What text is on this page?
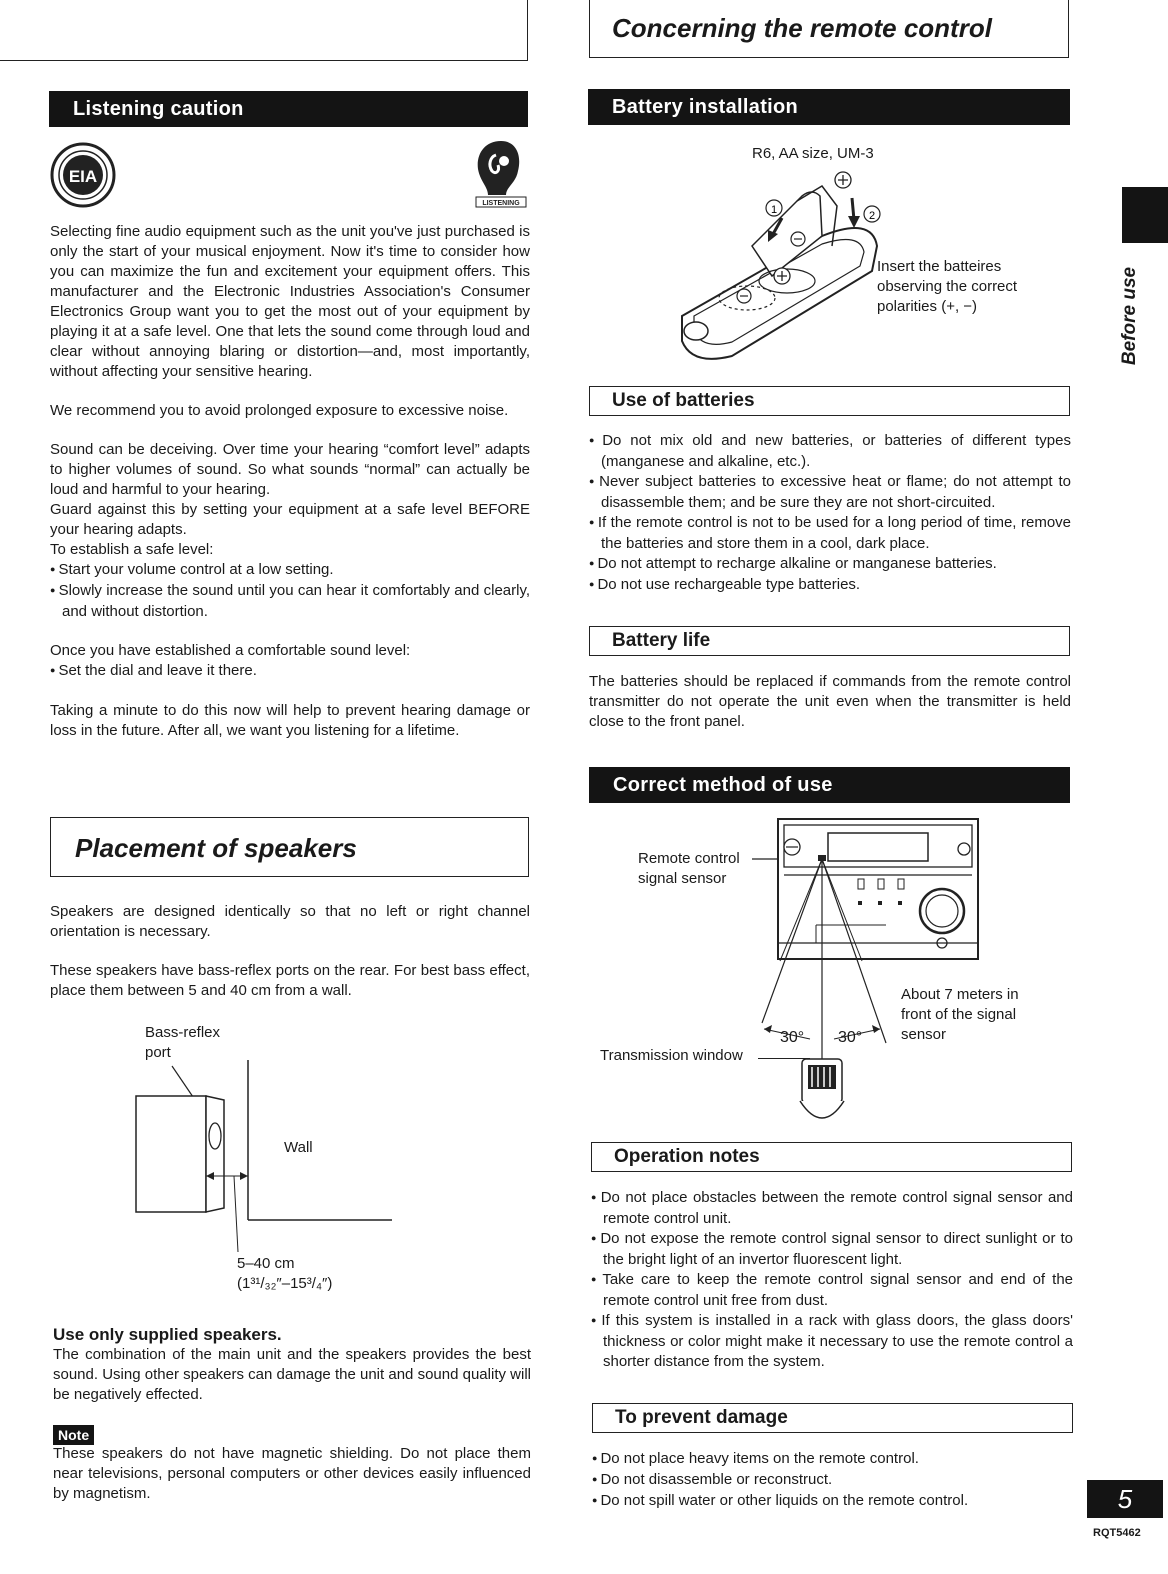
Concerning the remote control
Listening caution
EIA
LISTENING

Selecting fine audio equipment such as the unit you've just purchased is only the start of your musical enjoyment. Now it's time to consider how you can maximize the fun and excitement your equipment offers. This manufacturer and the Electronic Industries Association's Consumer Electronics Group want you to get the most out of your equipment by playing it at a safe level. One that lets the sound come through loud and clear without annoying blaring or distortion—and, most importantly, without affecting your sensitive hearing.

We recommend you to avoid prolonged exposure to excessive noise.

Sound can be deceiving. Over time your hearing “comfort level” adapts to higher volumes of sound. So what sounds “normal” can actually be loud and harmful to your hearing.

Guard against this by setting your equipment at a safe level BEFORE your hearing adapts.

To establish a safe level:

● Start your volume control at a low setting.
● Slowly increase the sound until you can hear it comfortably and clearly, and without distortion.

Once you have established a comfortable sound level:

● Set the dial and leave it there.

Taking a minute to do this now will help to prevent hearing damage or loss in the future. After all, we want you listening for a lifetime.

Placement of speakers

Speakers are designed identically so that no left or right channel orientation is necessary.

These speakers have bass-reflex ports on the rear. For best bass effect, place them between 5 and 40 cm from a wall.

Bass-reflex
port
Wall
5–40 cm
(1³¹/₃₂″–15³/₄″)
Use only supplied speakers.

The combination of the main unit and the speakers provides the best sound. Using other speakers can damage the unit and sound quality will be negatively effected.

Note

These speakers do not have magnetic shielding. Do not place them near televisions, personal computers or other devices easily influenced by magnetism.

Battery installation
R6, AA size, UM-3
1	2
Insert the batteires observing the correct polarities (+, −)
Use of batteries
● Do not mix old and new batteries, or batteries of different types (manganese and alkaline, etc.).
● Never subject batteries to excessive heat or flame; do not attempt to disassemble them; and be sure they are not short-circuited.
● If the remote control is not to be used for a long period of time, remove the batteries and store them in a cool, dark place.
● Do not attempt to recharge alkaline or manganese batteries.
● Do not use rechargeable type batteries.
Battery life

The batteries should be replaced if commands from the remote control transmitter do not operate the unit even when the transmitter is held close to the front panel.

Correct method of use
Remote control
signal sensor
30° 30°
About 7 meters in
front of the signal
sensor
Transmission window
Operation notes
● Do not place obstacles between the remote control signal sensor and remote control unit.
● Do not expose the remote control signal sensor to direct sunlight or to the bright light of an invertor fluorescent light.
● Take care to keep the remote control signal sensor and end of the remote control unit free from dust.
● If this system is installed in a rack with glass doors, the glass doors' thickness or color might make it necessary to use the remote control a shorter distance from the system.
To prevent damage
● Do not place heavy items on the remote control.
● Do not disassemble or reconstruct.
● Do not spill water or other liquids on the remote control.
Before use
5
RQT5462
